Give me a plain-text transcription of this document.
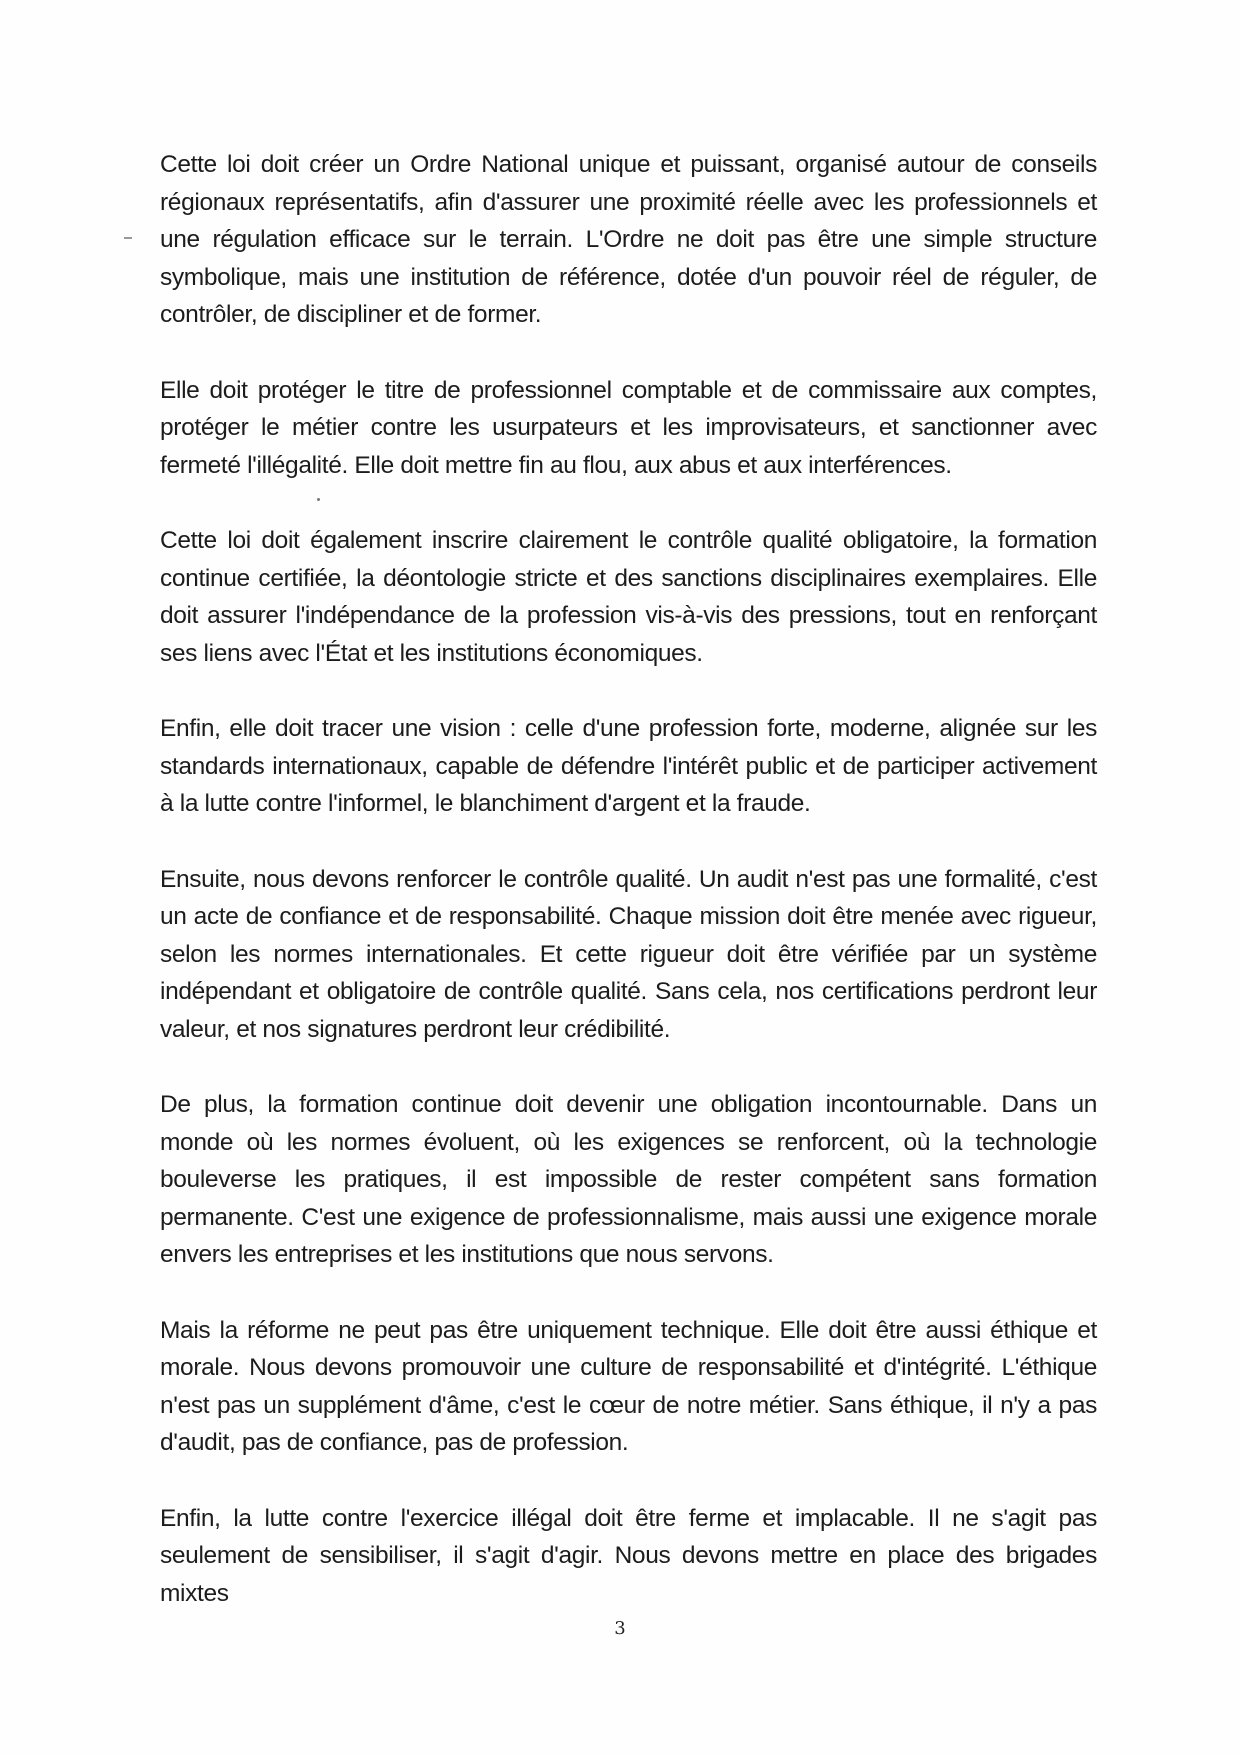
Cette loi doit créer un Ordre National unique et puissant, organisé autour de conseils régionaux représentatifs, afin d'assurer une proximité réelle avec les professionnels et une régulation efficace sur le terrain. L'Ordre ne doit pas être une simple structure symbolique, mais une institution de référence, dotée d'un pouvoir réel de réguler, de contrôler, de discipliner et de former.

Elle doit protéger le titre de professionnel comptable et de commissaire aux comptes, protéger le métier contre les usurpateurs et les improvisateurs, et sanctionner avec fermeté l'illégalité. Elle doit mettre fin au flou, aux abus et aux interférences.

Cette loi doit également inscrire clairement le contrôle qualité obligatoire, la formation continue certifiée, la déontologie stricte et des sanctions disciplinaires exemplaires. Elle doit assurer l'indépendance de la profession vis-à-vis des pressions, tout en renforçant ses liens avec l'État et les institutions économiques.

Enfin, elle doit tracer une vision : celle d'une profession forte, moderne, alignée sur les standards internationaux, capable de défendre l'intérêt public et de participer activement à la lutte contre l'informel, le blanchiment d'argent et la fraude.

Ensuite, nous devons renforcer le contrôle qualité. Un audit n'est pas une formalité, c'est un acte de confiance et de responsabilité. Chaque mission doit être menée avec rigueur, selon les normes internationales. Et cette rigueur doit être vérifiée par un système indépendant et obligatoire de contrôle qualité. Sans cela, nos certifications perdront leur valeur, et nos signatures perdront leur crédibilité.

De plus, la formation continue doit devenir une obligation incontournable. Dans un monde où les normes évoluent, où les exigences se renforcent, où la technologie bouleverse les pratiques, il est impossible de rester compétent sans formation permanente. C'est une exigence de professionnalisme, mais aussi une exigence morale envers les entreprises et les institutions que nous servons.

Mais la réforme ne peut pas être uniquement technique. Elle doit être aussi éthique et morale. Nous devons promouvoir une culture de responsabilité et d'intégrité. L'éthique n'est pas un supplément d'âme, c'est le cœur de notre métier. Sans éthique, il n'y a pas d'audit, pas de confiance, pas de profession.

Enfin, la lutte contre l'exercice illégal doit être ferme et implacable. Il ne s'agit pas seulement de sensibiliser, il s'agit d'agir. Nous devons mettre en place des brigades mixtes

3
